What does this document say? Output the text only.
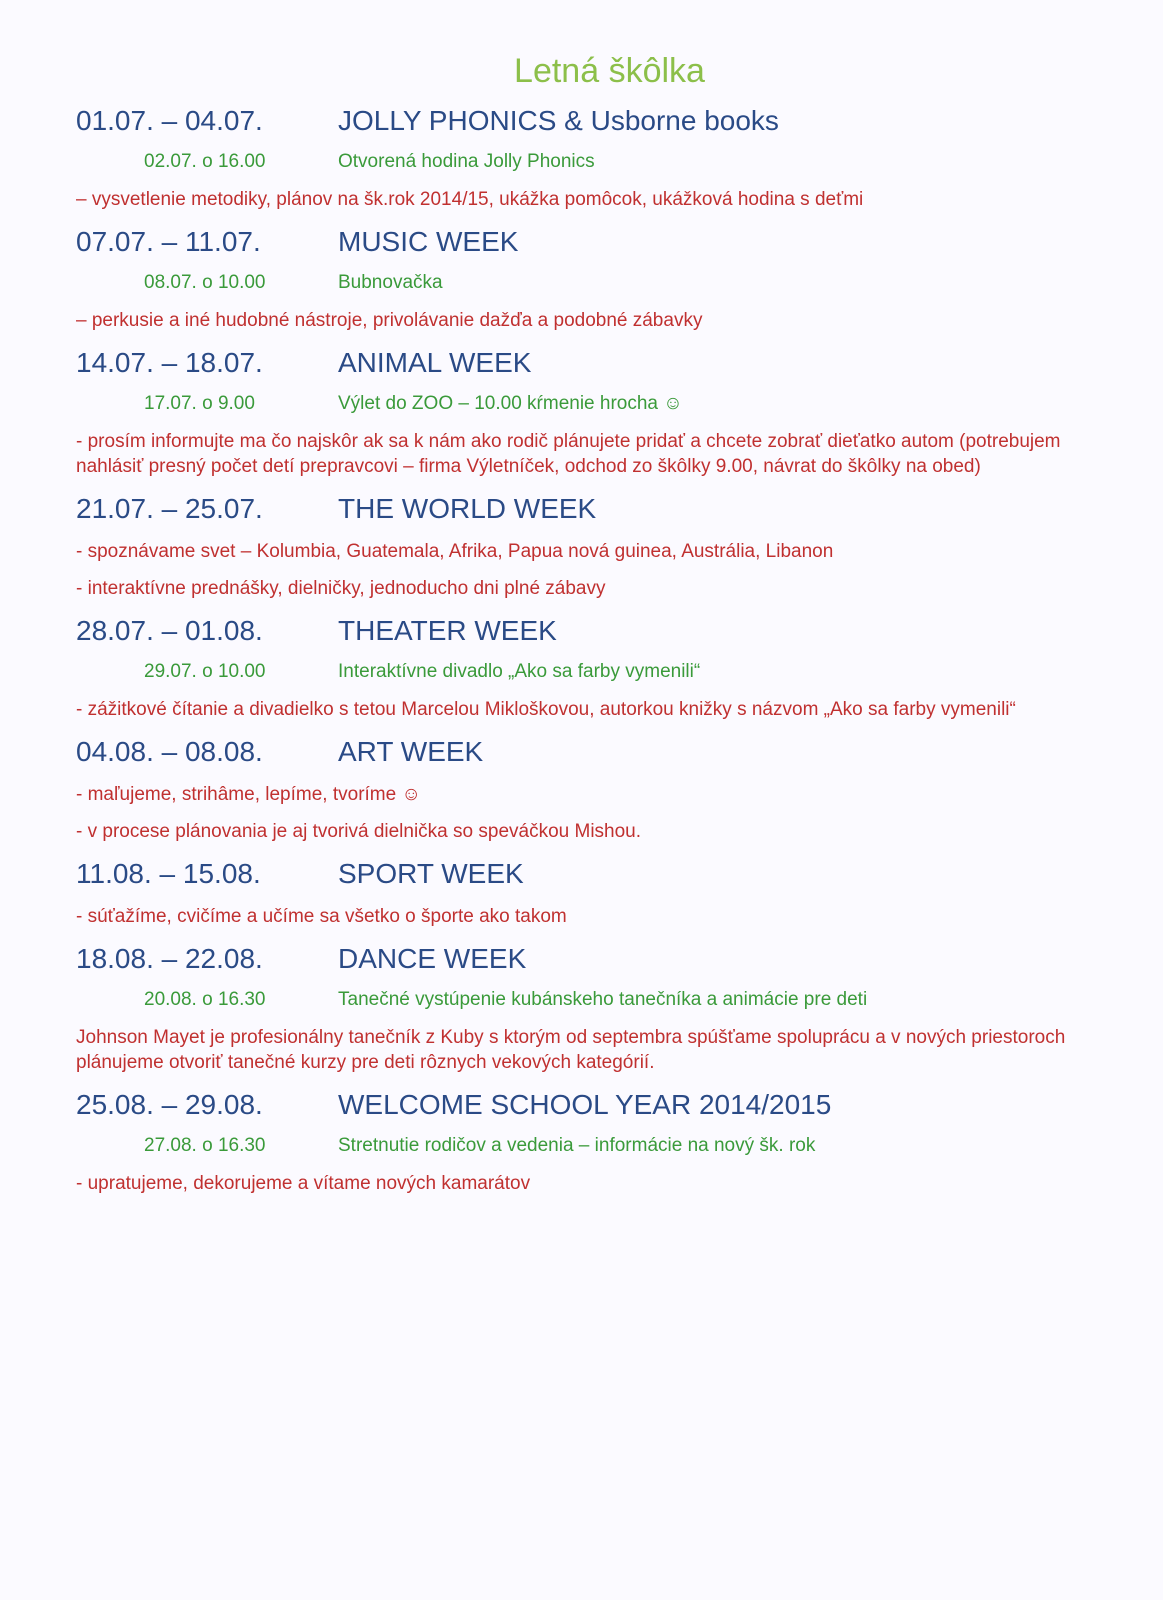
Letná škôlka
01.07. – 04.07.	JOLLY PHONICS & Usborne books
02.07. o 16.00	Otvorená hodina Jolly Phonics
– vysvetlenie metodiky, plánov na šk.rok 2014/15, ukážka pomôcok, ukážková hodina s deťmi
07.07. – 11.07.	MUSIC WEEK
08.07. o 10.00	Bubnovačka
– perkusie a iné hudobné nástroje, privolávanie dažďa a podobné zábavky
14.07. – 18.07.	ANIMAL WEEK
17.07. o 9.00	Výlet do ZOO – 10.00 kŕmenie hrocha ☺
- prosím informujte ma čo najskôr ak sa k nám ako rodič plánujete pridať a chcete zobrať dieťatko autom (potrebujem nahlásiť presný počet detí prepravcovi – firma Výletníček, odchod zo škôlky 9.00, návrat do škôlky na obed)
21.07. – 25.07.	THE WORLD WEEK
- spoznávame svet – Kolumbia, Guatemala, Afrika, Papua nová guinea, Austrália, Libanon
- interaktívne prednášky, dielničky, jednoducho dni plné zábavy
28.07. – 01.08.	THEATER WEEK
29.07. o 10.00	Interaktívne divadlo „Ako sa farby vymenili“
- zážitkové čítanie a divadielko s tetou Marcelou Mikloškovou, autorkou knižky s názvom „Ako sa farby vymenili“
04.08. – 08.08.	ART WEEK
- maľujeme, strihâme, lepíme, tvoríme ☺
- v procese plánovania je aj tvorivá dielnička so speváčkou Mishou.
11.08. – 15.08.	SPORT WEEK
- súťažíme, cvičíme a učíme sa všetko o športe ako takom
18.08. – 22.08.	DANCE WEEK
20.08. o 16.30	Tanečné vystúpenie kubánskeho tanečníka a animácie pre deti
Johnson Mayet je profesionálny tanečník z Kuby s ktorým od septembra spúšťame spoluprácu a v nových priestoroch plánujeme otvoriť tanečné kurzy pre deti rôznych vekových kategórií.
25.08. – 29.08.	WELCOME SCHOOL YEAR 2014/2015
27.08. o 16.30	Stretnutie rodičov a vedenia – informácie na nový šk. rok
- upratujeme, dekorujeme a vítame nových kamarátov
